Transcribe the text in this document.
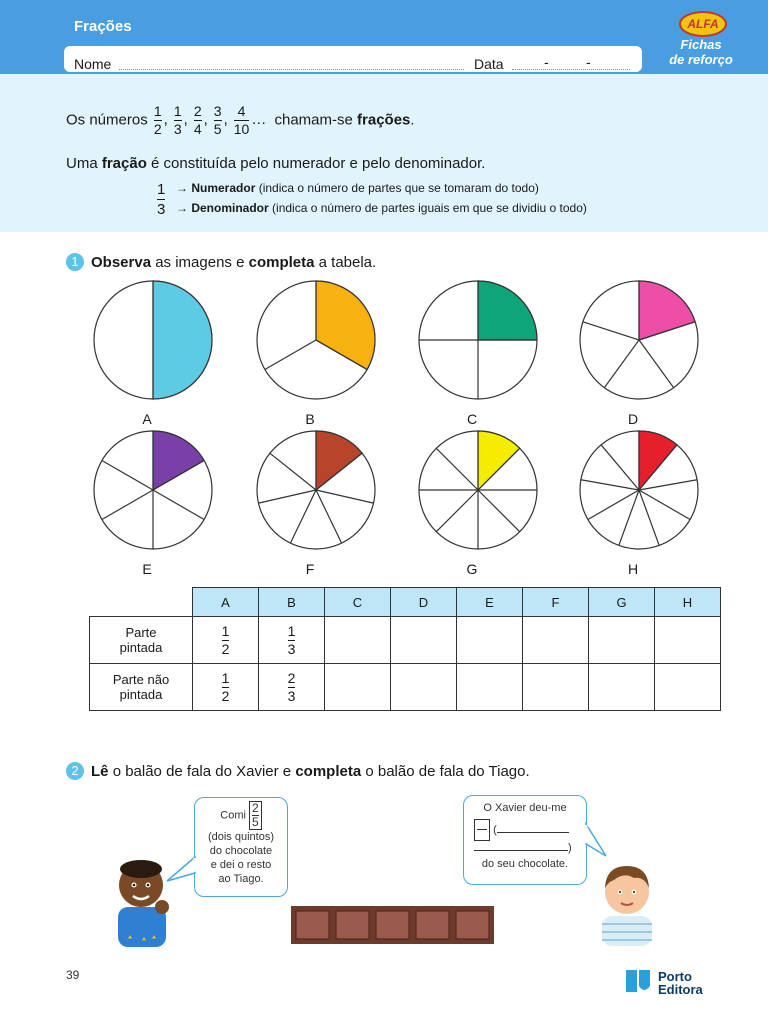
Frações
Nome	Data	-	-
ALFA
Fichas
de reforço
Os números $\frac{1}{2}$ , $\frac{1}{3}$ , $\frac{2}{4}$ , $\frac{3}{5}$ , $\frac{4}{10}$ … chamam-se frações.
Uma fração é constituída pelo numerador e pelo denominador.
$\frac{1}{3}$ → Numerador (indica o número de partes que se tomaram do todo)
→ Denominador (indica o número de partes iguais em que se dividiu o todo)
1 Observa as imagens e completa a tabela.
A	B	C	D
E	F	G	H
	A	B	C	D	E	F	G	H
Parte
pintada	$\frac{1}{2}$	$\frac{1}{3}$

Parte não
pintada	$\frac{1}{2}$	$\frac{2}{3}$

2 Lê o balão de fala do Xavier e completa o balão de fala do Tiago.
Comi $\frac{2}{5}$
(dois quintos)
do chocolate
e dei o resto
ao Tiago.
O Xavier deu-me
(
)
do seu chocolate.
39	Porto
Editora
